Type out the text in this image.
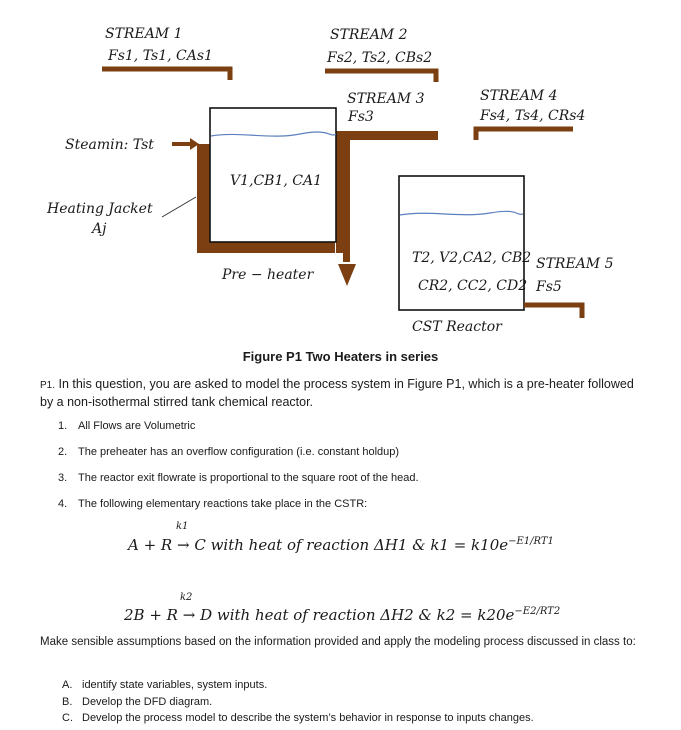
STREAM 1
Fs1, Ts1, CAs1
STREAM 2
Fs2, Ts2, CBs2
STREAM 3
Fs3
STREAM 4
Fs4, Ts4, CRs4
STREAM 5
Fs5
Steamin: Tst
Heating Jacket
Aj
V1,CB1, CA1
Pre − heater
T2, V2,CA2, CB2
CR2, CC2, CD2
CST Reactor
Figure P1 Two Heaters in series
P1. In this question, you are asked to model the process system in Figure P1, which is a pre-heater followed by a non-isothermal stirred tank chemical reactor.
1. All Flows are Volumetric
2. The preheater has an overflow configuration (i.e. constant holdup)
3. The reactor exit flowrate is proportional to the square root of the head.
4. The following elementary reactions take place in the CSTR:
k1
A + R → C with heat of reaction ΔH1 & $k1 = k10e^{-E1/RT1}$
k2
2B + R → D with heat of reaction ΔH2 & $k2 = k20e^{-E2/RT2}$
Make sensible assumptions based on the information provided and apply the modeling process discussed in class to:
A. identify state variables, system inputs.
B. Develop the DFD diagram.
C. Develop the process model to describe the system’s behavior in response to inputs changes.
